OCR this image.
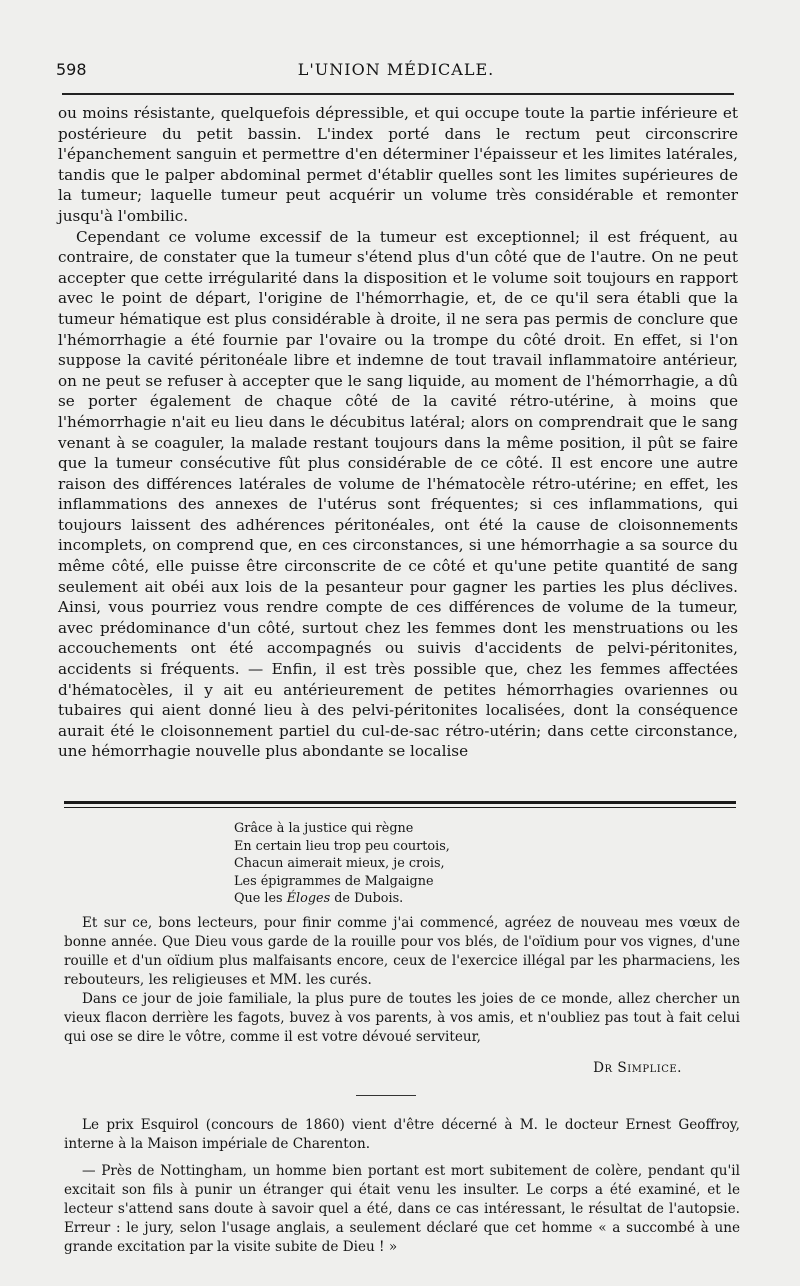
598	L'UNION MÉDICALE.

ou moins résistante, quelquefois dépressible, et qui occupe toute la partie inférieure et postérieure du petit bassin. L'index porté dans le rectum peut circonscrire l'épanchement sanguin et permettre d'en déterminer l'épaisseur et les limites latérales, tandis que le palper abdominal permet d'établir quelles sont les limites supérieures de la tumeur; laquelle tumeur peut acquérir un volume très considérable et remonter jusqu'à l'ombilic.

Cependant ce volume excessif de la tumeur est exceptionnel; il est fréquent, au contraire, de constater que la tumeur s'étend plus d'un côté que de l'autre. On ne peut accepter que cette irrégularité dans la disposition et le volume soit toujours en rapport avec le point de départ, l'origine de l'hémorrhagie, et, de ce qu'il sera établi que la tumeur hématique est plus considérable à droite, il ne sera pas permis de conclure que l'hémorrhagie a été fournie par l'ovaire ou la trompe du côté droit. En effet, si l'on suppose la cavité péritonéale libre et indemne de tout travail inflammatoire antérieur, on ne peut se refuser à accepter que le sang liquide, au moment de l'hémorrhagie, a dû se porter également de chaque côté de la cavité rétro-utérine, à moins que l'hémorrhagie n'ait eu lieu dans le décubitus latéral; alors on comprendrait que le sang venant à se coaguler, la malade restant toujours dans la même position, il pût se faire que la tumeur consécutive fût plus considérable de ce côté. Il est encore une autre raison des différences latérales de volume de l'hématocèle rétro-utérine; en effet, les inflammations des annexes de l'utérus sont fréquentes; si ces inflammations, qui toujours laissent des adhérences péritonéales, ont été la cause de cloisonnements incomplets, on comprend que, en ces circonstances, si une hémorrhagie a sa source du même côté, elle puisse être circonscrite de ce côté et qu'une petite quantité de sang seulement ait obéi aux lois de la pesanteur pour gagner les parties les plus déclives. Ainsi, vous pourriez vous rendre compte de ces différences de volume de la tumeur, avec prédominance d'un côté, surtout chez les femmes dont les menstruations ou les accouchements ont été accompagnés ou suivis d'accidents de pelvi-péritonites, accidents si fréquents. — Enfin, il est très possible que, chez les femmes affectées d'hématocèles, il y ait eu antérieurement de petites hémorrhagies ovariennes ou tubaires qui aient donné lieu à des pelvi-péritonites localisées, dont la conséquence aurait été le cloisonnement partiel du cul-de-sac rétro-utérin; dans cette circonstance, une hémorrhagie nouvelle plus abondante se localise

Grâce à la justice qui règne
En certain lieu trop peu courtois,
Chacun aimerait mieux, je crois,
Les épigrammes de Malgaigne
Que les Éloges de Dubois.

Et sur ce, bons lecteurs, pour finir comme j'ai commencé, agréez de nouveau mes vœux de bonne année. Que Dieu vous garde de la rouille pour vos blés, de l'oïdium pour vos vignes, d'une rouille et d'un oïdium plus malfaisants encore, ceux de l'exercice illégal par les pharmaciens, les rebouteurs, les religieuses et MM. les curés.

Dans ce jour de joie familiale, la plus pure de toutes les joies de ce monde, allez chercher un vieux flacon derrière les fagots, buvez à vos parents, à vos amis, et n'oubliez pas tout à fait celui qui ose se dire le vôtre, comme il est votre dévoué serviteur,

Dr Simplice.

Le prix Esquirol (concours de 1860) vient d'être décerné à M. le docteur Ernest Geoffroy, interne à la Maison impériale de Charenton.

— Près de Nottingham, un homme bien portant est mort subitement de colère, pendant qu'il excitait son fils à punir un étranger qui était venu les insulter. Le corps a été examiné, et le lecteur s'attend sans doute à savoir quel a été, dans ce cas intéressant, le résultat de l'autopsie. Erreur : le jury, selon l'usage anglais, a seulement déclaré que cet homme « a succombé à une grande excitation par la visite subite de Dieu ! »
